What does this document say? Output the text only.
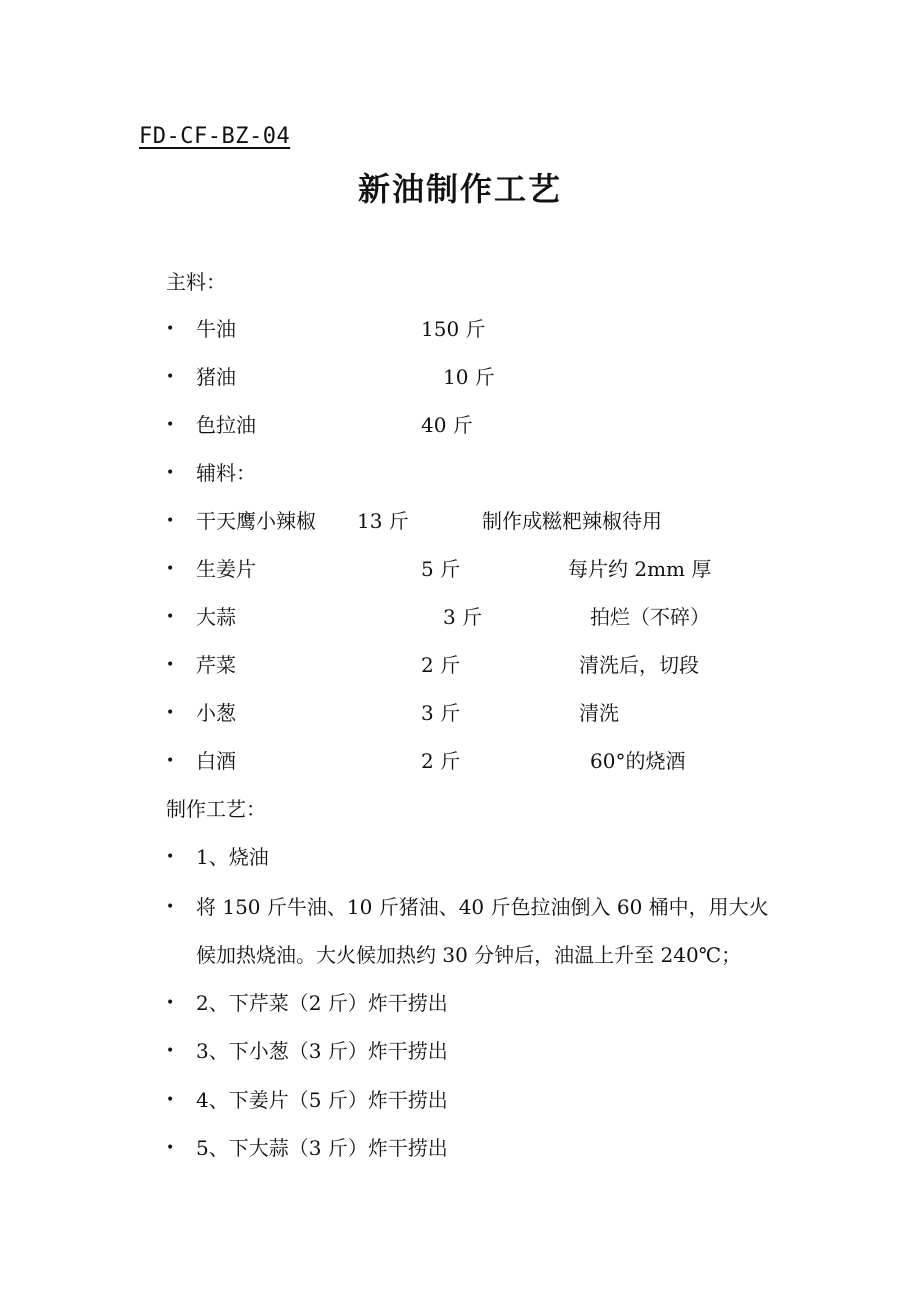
FD-CF-BZ-04
新油制作工艺
主料：
• 牛油	150 斤
• 猪油	10 斤
• 色拉油	40 斤
• 辅料：
• 干天鹰小辣椒 13 斤	制作成糍粑辣椒待用
• 生姜片	5 斤	每片约 2mm 厚
• 大蒜	3 斤	拍烂（不碎）
• 芹菜	2 斤	清洗后，切段
• 小葱	3 斤	清洗
• 白酒	2 斤	60°的烧酒
制作工艺：
• 1、烧油
• 将 150 斤牛油、10 斤猪油、40 斤色拉油倒入 60 桶中，用大火
候加热烧油。大火候加热约 30 分钟后，油温上升至 240℃；
• 2、下芹菜（2 斤）炸干捞出
• 3、下小葱（3 斤）炸干捞出
• 4、下姜片（5 斤）炸干捞出
• 5、下大蒜（3 斤）炸干捞出
